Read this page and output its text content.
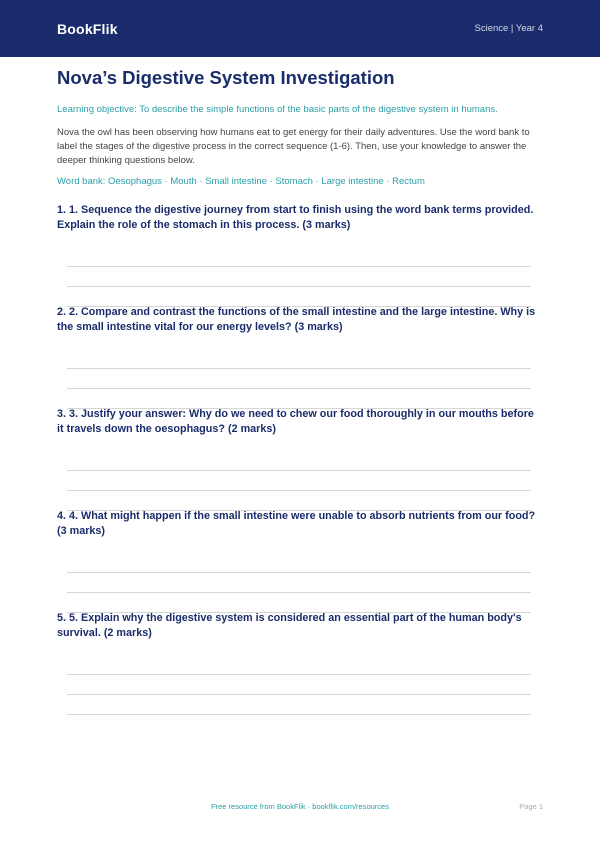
BookFlik	Science | Year 4
Nova’s Digestive System Investigation
Learning objective: To describe the simple functions of the basic parts of the digestive system in humans.
Nova the owl has been observing how humans eat to get energy for their daily adventures. Use the word bank to label the stages of the digestive process in the correct sequence (1-6). Then, use your knowledge to answer the deeper thinking questions below.
Word bank: Oesophagus · Mouth · Small intestine · Stomach · Large intestine · Rectum
1. 1. Sequence the digestive journey from start to finish using the word bank terms provided. Explain the role of the stomach in this process. (3 marks)
2. 2. Compare and contrast the functions of the small intestine and the large intestine. Why is the small intestine vital for our energy levels? (3 marks)
3. 3. Justify your answer: Why do we need to chew our food thoroughly in our mouths before it travels down the oesophagus? (2 marks)
4. 4. What might happen if the small intestine were unable to absorb nutrients from our food? (3 marks)
5. 5. Explain why the digestive system is considered an essential part of the human body's survival. (2 marks)
Free resource from BookFlik · bookflik.com/resources	Page 1
